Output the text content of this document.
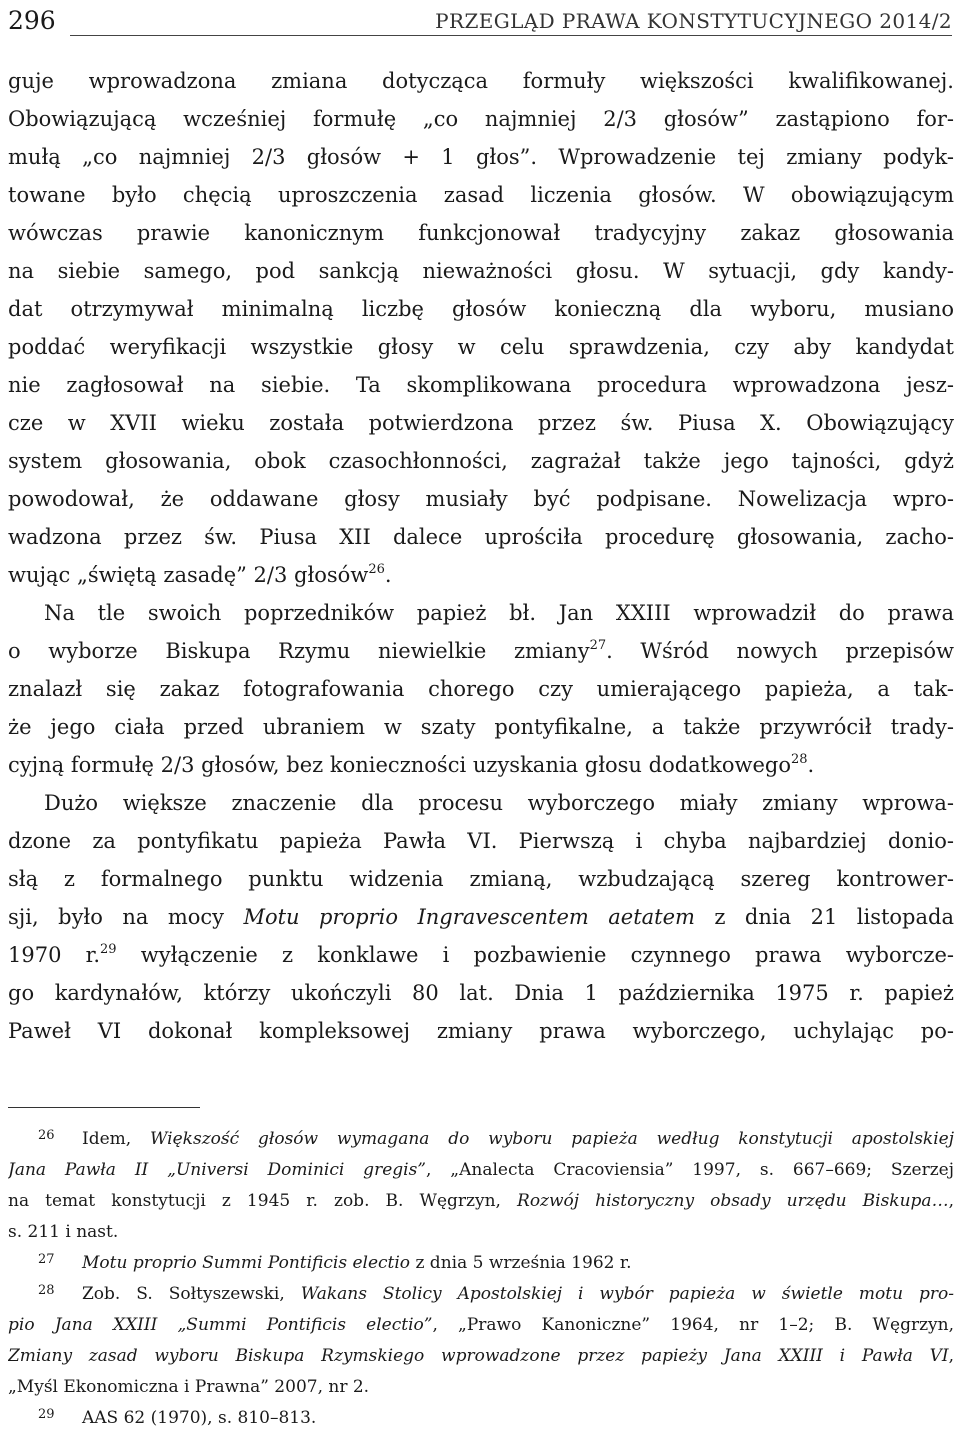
296	PRZEGLĄD PRAWA KONSTYTUCYJNEGO 2014/2
guje wprowadzona zmiana dotycząca formuły większości kwalifikowanej.
Obowiązującą wcześniej formułę „co najmniej 2/3 głosów” zastąpiono for-
mułą „co najmniej 2/3 głosów + 1 głos”. Wprowadzenie tej zmiany podyk-
towane było chęcią uproszczenia zasad liczenia głosów. W obowiązującym
wówczas prawie kanonicznym funkcjonował tradycyjny zakaz głosowania
na siebie samego, pod sankcją nieważności głosu. W sytuacji, gdy kandy-
dat otrzymywał minimalną liczbę głosów konieczną dla wyboru, musiano
poddać weryfikacji wszystkie głosy w celu sprawdzenia, czy aby kandydat
nie zagłosował na siebie. Ta skomplikowana procedura wprowadzona jesz-
cze w XVII wieku została potwierdzona przez św. Piusa X. Obowiązujący
system głosowania, obok czasochłonności, zagrażał także jego tajności, gdyż
powodował, że oddawane głosy musiały być podpisane. Nowelizacja wpro-
wadzona przez św. Piusa XII dalece uprościła procedurę głosowania, zacho-
wując „świętą zasadę” 2/3 głosów$^{26}$.
Na tle swoich poprzedników papież bł. Jan XXIII wprowadził do prawa
o wyborze Biskupa Rzymu niewielkie zmiany$^{27}$. Wśród nowych przepisów
znalazł się zakaz fotografowania chorego czy umierającego papieża, a tak-
że jego ciała przed ubraniem w szaty pontyfikalne, a także przywrócił trady-
cyjną formułę 2/3 głosów, bez konieczności uzyskania głosu dodatkowego$^{28}$.
Dużo większe znaczenie dla procesu wyborczego miały zmiany wprowa-
dzone za pontyfikatu papieża Pawła VI. Pierwszą i chyba najbardziej donio-
słą z formalnego punktu widzenia zmianą, wzbudzającą szereg kontrower-
sji, było na mocy Motu proprio Ingravescentem aetatem z dnia 21 listopada
1970 r.$^{29}$ wyłączenie z konklawe i pozbawienie czynnego prawa wyborcze-
go kardynałów, którzy ukończyli 80 lat. Dnia 1 października 1975 r. papież
Paweł VI dokonał kompleksowej zmiany prawa wyborczego, uchylając po-
26 Idem, Większość głosów wymagana do wyboru papieża według konstytucji apostolskiej
Jana Pawła II „Universi Dominici gregis”, „Analecta Cracoviensia” 1997, s. 667–669; Szerzej
na temat konstytucji z 1945 r. zob. B. Węgrzyn, Rozwój historyczny obsady urzędu Biskupa…,
s. 211 i nast.
27 Motu proprio Summi Pontificis electio z dnia 5 września 1962 r.
28 Zob. S. Sołtyszewski, Wakans Stolicy Apostolskiej i wybór papieża w świetle motu pro-
pio Jana XXIII „Summi Pontificis electio”, „Prawo Kanoniczne” 1964, nr 1–2; B. Węgrzyn,
Zmiany zasad wyboru Biskupa Rzymskiego wprowadzone przez papieży Jana XXIII i Pawła VI,
„Myśl Ekonomiczna i Prawna” 2007, nr 2.
29 AAS 62 (1970), s. 810–813.
